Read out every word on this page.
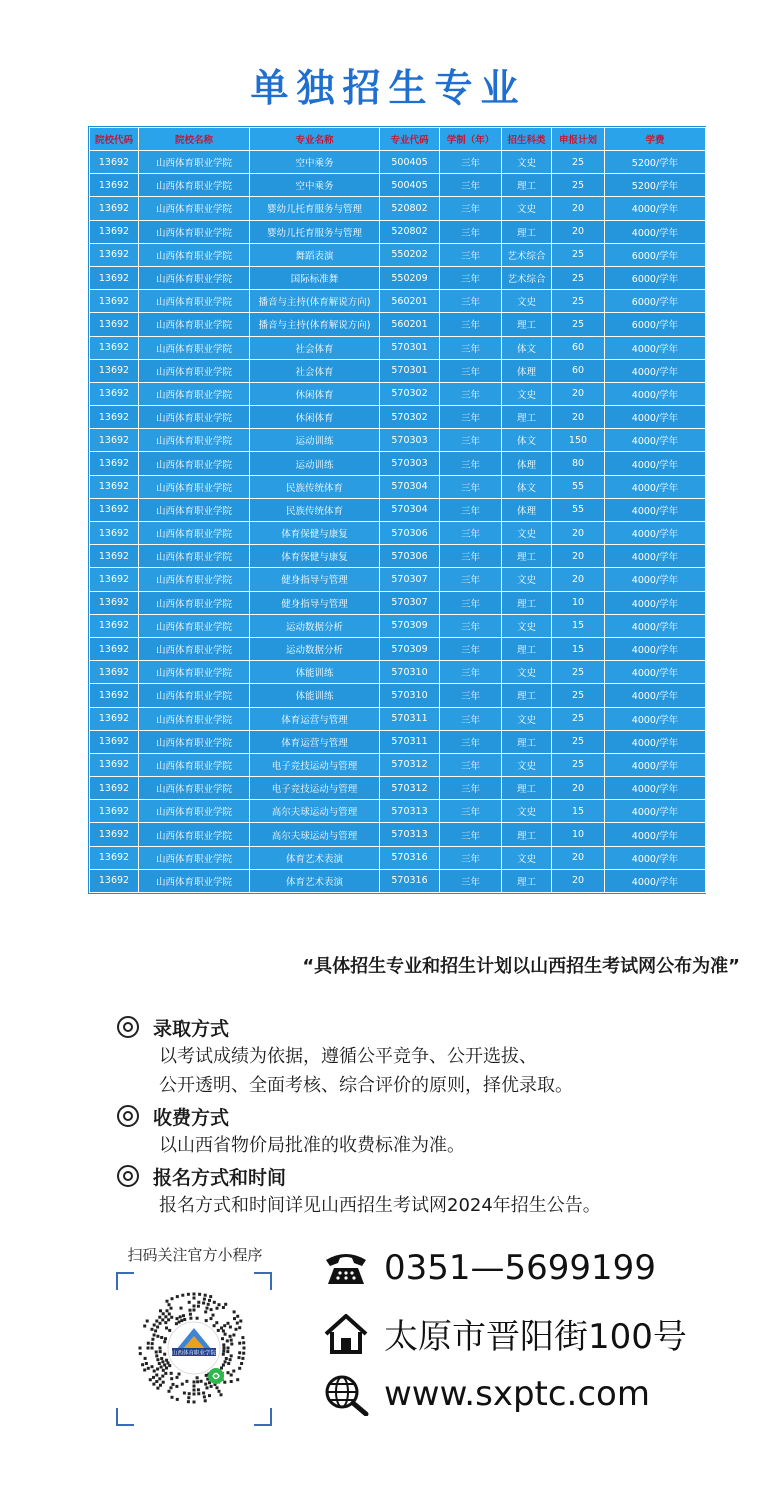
单独招生专业
院校代码	院校名称	专业名称	专业代码	学制（年）	招生科类	申报计划	学费
13692	山西体育职业学院	空中乘务	500405	三年	文史	25	5200/学年
13692	山西体育职业学院	空中乘务	500405	三年	理工	25	5200/学年
13692	山西体育职业学院	婴幼儿托育服务与管理	520802	三年	文史	20	4000/学年
13692	山西体育职业学院	婴幼儿托育服务与管理	520802	三年	理工	20	4000/学年
13692	山西体育职业学院	舞蹈表演	550202	三年	艺术综合	25	6000/学年
13692	山西体育职业学院	国际标准舞	550209	三年	艺术综合	25	6000/学年
13692	山西体育职业学院	播音与主持(体育解说方向)	560201	三年	文史	25	6000/学年
13692	山西体育职业学院	播音与主持(体育解说方向)	560201	三年	理工	25	6000/学年
13692	山西体育职业学院	社会体育	570301	三年	体文	60	4000/学年
13692	山西体育职业学院	社会体育	570301	三年	体理	60	4000/学年
13692	山西体育职业学院	休闲体育	570302	三年	文史	20	4000/学年
13692	山西体育职业学院	休闲体育	570302	三年	理工	20	4000/学年
13692	山西体育职业学院	运动训练	570303	三年	体文	150	4000/学年
13692	山西体育职业学院	运动训练	570303	三年	体理	80	4000/学年
13692	山西体育职业学院	民族传统体育	570304	三年	体文	55	4000/学年
13692	山西体育职业学院	民族传统体育	570304	三年	体理	55	4000/学年
13692	山西体育职业学院	体育保健与康复	570306	三年	文史	20	4000/学年
13692	山西体育职业学院	体育保健与康复	570306	三年	理工	20	4000/学年
13692	山西体育职业学院	健身指导与管理	570307	三年	文史	20	4000/学年
13692	山西体育职业学院	健身指导与管理	570307	三年	理工	10	4000/学年
13692	山西体育职业学院	运动数据分析	570309	三年	文史	15	4000/学年
13692	山西体育职业学院	运动数据分析	570309	三年	理工	15	4000/学年
13692	山西体育职业学院	体能训练	570310	三年	文史	25	4000/学年
13692	山西体育职业学院	体能训练	570310	三年	理工	25	4000/学年
13692	山西体育职业学院	体育运营与管理	570311	三年	文史	25	4000/学年
13692	山西体育职业学院	体育运营与管理	570311	三年	理工	25	4000/学年
13692	山西体育职业学院	电子竞技运动与管理	570312	三年	文史	25	4000/学年
13692	山西体育职业学院	电子竞技运动与管理	570312	三年	理工	20	4000/学年
13692	山西体育职业学院	高尔夫球运动与管理	570313	三年	文史	15	4000/学年
13692	山西体育职业学院	高尔夫球运动与管理	570313	三年	理工	10	4000/学年
13692	山西体育职业学院	体育艺术表演	570316	三年	文史	20	4000/学年
13692	山西体育职业学院	体育艺术表演	570316	三年	理工	20	4000/学年
“具体招生专业和招生计划以山西招生考试网公布为准”
录取方式
以考试成绩为依据，遵循公平竞争、公开选拔、
公开透明、全面考核、综合评价的原则，择优录取。
收费方式
以山西省物价局批准的收费标准为准。
报名方式和时间
报名方式和时间详见山西招生考试网2024年招生公告。
扫码关注官方小程序
山西体育职业学院
0351—5699199
太原市晋阳街100号
www.sxptc.com
